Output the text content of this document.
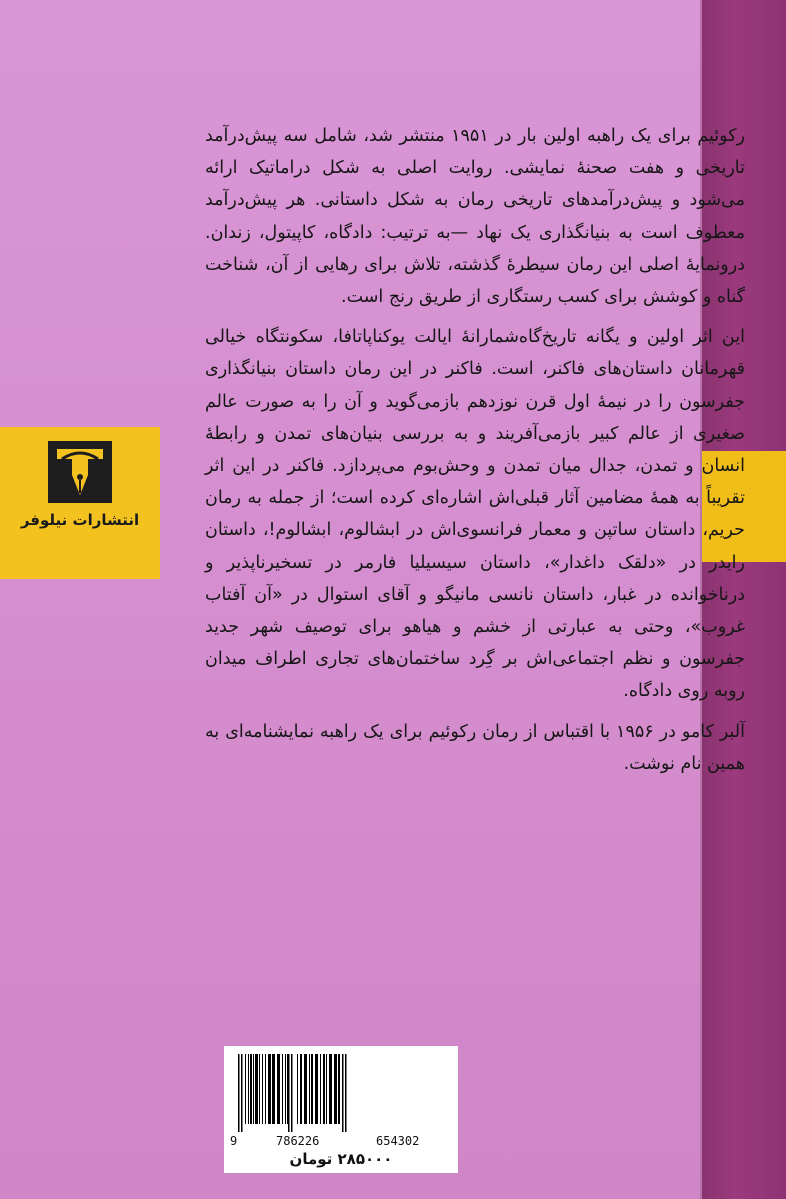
انتشارات نیلوفر

رکوئیم برای یک راهبه اولین بار در ۱۹۵۱ منتشر شد، شامل سه پیش‌درآمد تاریخی و هفت صحنهٔ نمایشی. روایت اصلی به شکل دراماتیک ارائه می‌شود و پیش‌درآمدهای تاریخی رمان به شکل داستانی. هر پیش‌درآمد معطوف است به بنیانگذاری یک نهاد —به ترتیب: دادگاه، کاپیتول، زندان. درونمایهٔ اصلی این رمان سیطرهٔ گذشته، تلاش برای رهایی از آن، شناخت گناه و کوشش برای کسب رستگاری از طریق رنج است.

این اثر اولین و یگانه تاریخ‌گاه‌شمارانهٔ ایالت یوکناپاتافا، سکونتگاه خیالی قهرمانان داستان‌های فاکنر، است. فاکنر در این رمان داستان بنیانگذاری جفرسون را در نیمهٔ اول قرن نوزدهم بازمی‌گوید و آن را به صورت عالم صغیری از عالم کبیر بازمی‌آفریند و به بررسی بنیان‌های تمدن و رابطهٔ انسان و تمدن، جدال میان تمدن و وحش‌بوم می‌پردازد. فاکنر در این اثر تقریباً به همهٔ مضامین آثار قبلی‌اش اشاره‌ای کرده است؛ از جمله به رمان حریم، داستان ساتپن و معمار فرانسوی‌اش در ابشالوم، ابشالوم!، داستان رایدر در «دلقک داغدار»، داستان سیسیلیا فارمر در تسخیرناپذیر و درناخوانده در غبار، داستان نانسی مانیگو و آقای استوال در «آن آفتاب غروب»، وحتی به عبارتی از خشم و هیاهو برای توصیف شهر جدید جفرسون و نظم اجتماعی‌اش بر گِرد ساختمان‌های تجاری اطراف میدان روبه روی دادگاه.

آلبر کامو در ۱۹۵۶ با اقتباس از رمان رکوئیم برای یک راهبه نمایشنامه‌ای به همین نام نوشت.

9	786226	654302
۲۸۵۰۰۰ تومان
